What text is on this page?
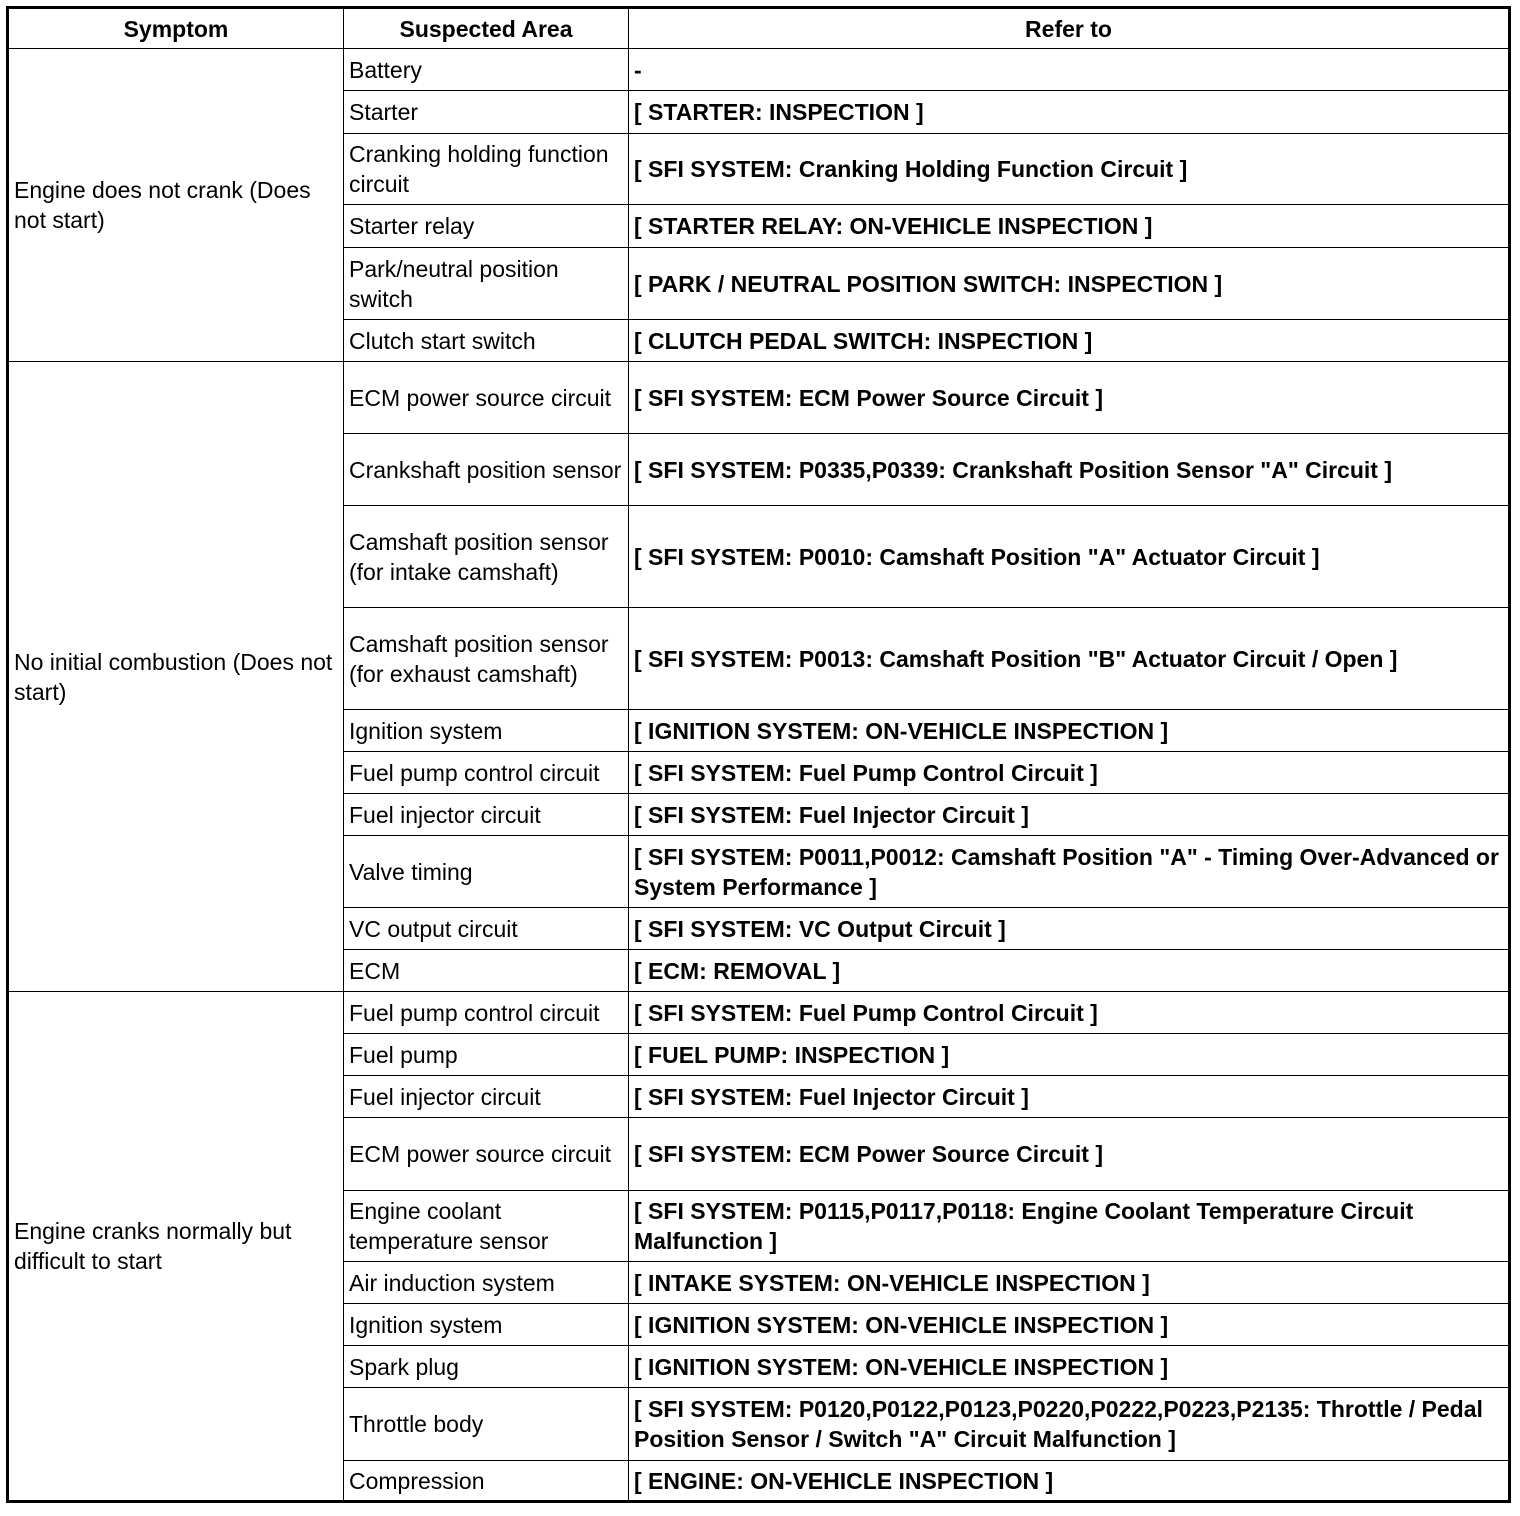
Symptom	Suspected Area	Refer to
Engine does not crank (Does not start)	Battery	-
	Starter	[ STARTER: INSPECTION ]
	Cranking holding function circuit	[ SFI SYSTEM: Cranking Holding Function Circuit ]
	Starter relay	[ STARTER RELAY: ON-VEHICLE INSPECTION ]
	Park/neutral position switch	[ PARK / NEUTRAL POSITION SWITCH: INSPECTION ]
	Clutch start switch	[ CLUTCH PEDAL SWITCH: INSPECTION ]
No initial combustion (Does not start)	ECM power source circuit	[ SFI SYSTEM: ECM Power Source Circuit ]
	Crankshaft position sensor	[ SFI SYSTEM: P0335,P0339: Crankshaft Position Sensor "A" Circuit ]
	Camshaft position sensor (for intake camshaft)	[ SFI SYSTEM: P0010: Camshaft Position "A" Actuator Circuit ]
	Camshaft position sensor (for exhaust camshaft)	[ SFI SYSTEM: P0013: Camshaft Position "B" Actuator Circuit / Open ]
	Ignition system	[ IGNITION SYSTEM: ON-VEHICLE INSPECTION ]
	Fuel pump control circuit	[ SFI SYSTEM: Fuel Pump Control Circuit ]
	Fuel injector circuit	[ SFI SYSTEM: Fuel Injector Circuit ]
	Valve timing	[ SFI SYSTEM: P0011,P0012: Camshaft Position "A" - Timing Over-Advanced or System Performance ]
	VC output circuit	[ SFI SYSTEM: VC Output Circuit ]
	ECM	[ ECM: REMOVAL ]
Engine cranks normally but difficult to start	Fuel pump control circuit	[ SFI SYSTEM: Fuel Pump Control Circuit ]
	Fuel pump	[ FUEL PUMP: INSPECTION ]
	Fuel injector circuit	[ SFI SYSTEM: Fuel Injector Circuit ]
	ECM power source circuit	[ SFI SYSTEM: ECM Power Source Circuit ]
	Engine coolant temperature sensor	[ SFI SYSTEM: P0115,P0117,P0118: Engine Coolant Temperature Circuit Malfunction ]
	Air induction system	[ INTAKE SYSTEM: ON-VEHICLE INSPECTION ]
	Ignition system	[ IGNITION SYSTEM: ON-VEHICLE INSPECTION ]
	Spark plug	[ IGNITION SYSTEM: ON-VEHICLE INSPECTION ]
	Throttle body	[ SFI SYSTEM: P0120,P0122,P0123,P0220,P0222,P0223,P2135: Throttle / Pedal Position Sensor / Switch "A" Circuit Malfunction ]
	Compression	[ ENGINE: ON-VEHICLE INSPECTION ]
